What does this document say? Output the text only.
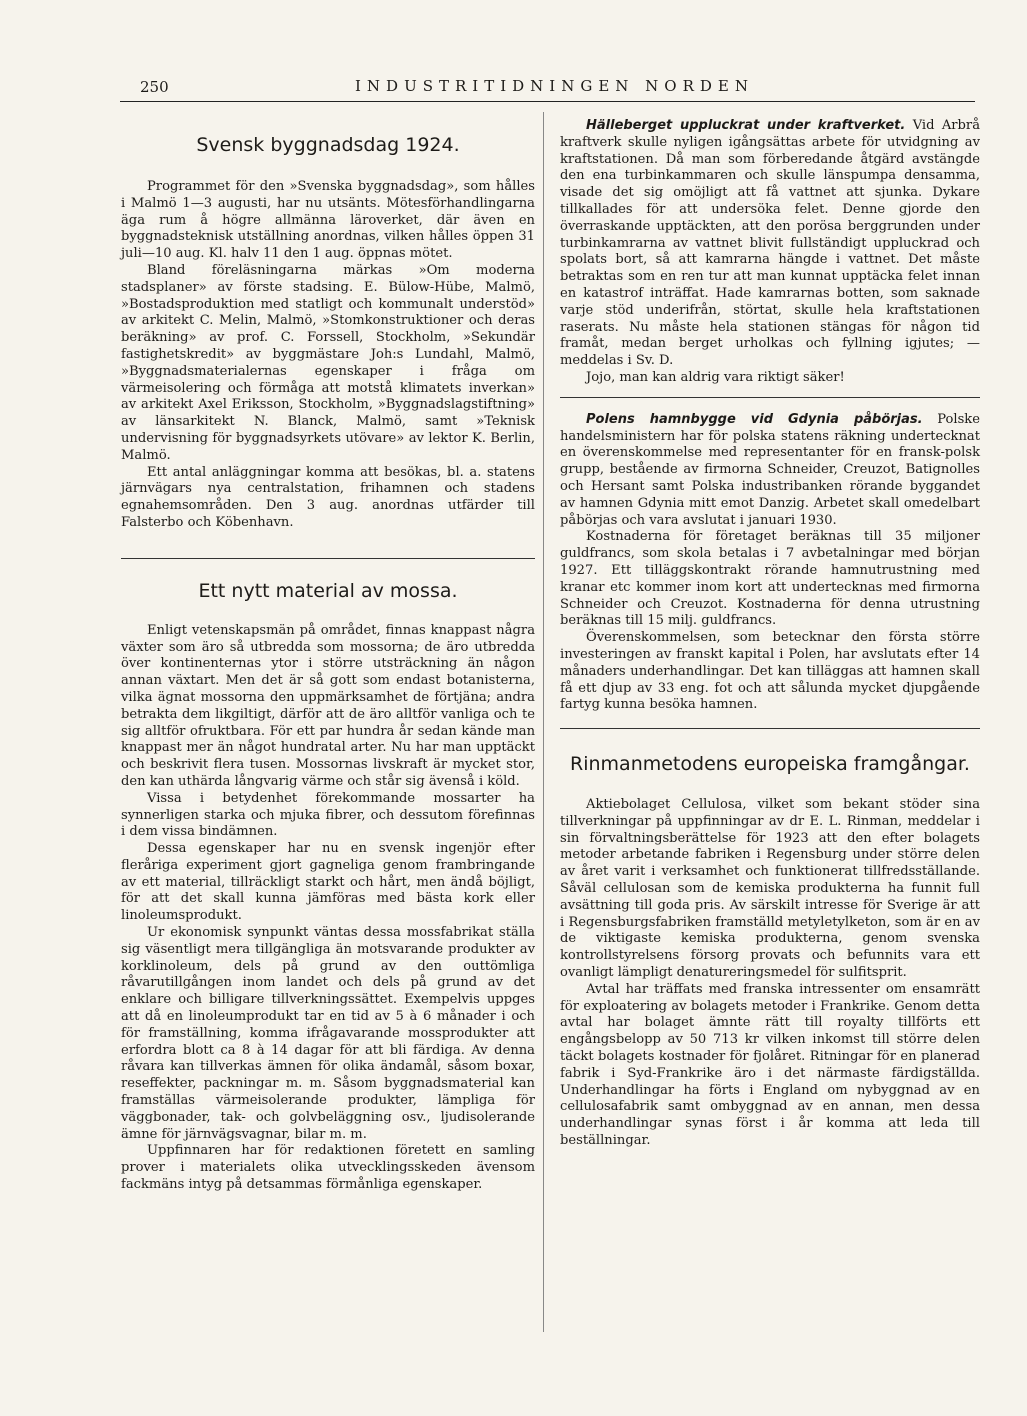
250	INDUSTRITIDNINGEN NORDEN
Svensk byggnadsdag 1924.

Programmet för den »Svenska byggnadsdag», som hålles i Malmö 1—3 augusti, har nu utsänts. Mötesförhandlingarna äga rum å högre allmänna läroverket, där även en byggnadsteknisk utställning anordnas, vilken hålles öppen 31 juli—10 aug. Kl. halv 11 den 1 aug. öppnas mötet.

Bland föreläsningarna märkas »Om moderna stadsplaner» av förste stadsing. E. Bülow-Hübe, Malmö, »Bostadsproduktion med statligt och kommunalt understöd» av arkitekt C. Melin, Malmö, »Stomkonstruktioner och deras beräkning» av prof. C. Forssell, Stockholm, »Sekundär fastighetskredit» av byggmästare Joh:s Lundahl, Malmö, »Byggnadsmaterialernas egenskaper i fråga om värmeisolering och förmåga att motstå klimatets inverkan» av arkitekt Axel Eriksson, Stockholm, »Byggnadslagstiftning» av länsarkitekt N. Blanck, Malmö, samt »Teknisk undervisning för byggnadsyrkets utövare» av lektor K. Berlin, Malmö.

Ett antal anläggningar komma att besökas, bl. a. statens järnvägars nya centralstation, frihamnen och stadens egnahemsområden. Den 3 aug. anordnas utfärder till Falsterbo och Köbenhavn.

Ett nytt material av mossa.

Enligt vetenskapsmän på området, finnas knappast några växter som äro så utbredda som mossorna; de äro utbredda över kontinenternas ytor i större utsträckning än någon annan växtart. Men det är så gott som endast botanisterna, vilka ägnat mossorna den uppmärksamhet de förtjäna; andra betrakta dem likgiltigt, därför att de äro alltför vanliga och te sig alltför ofruktbara. För ett par hundra år sedan kände man knappast mer än något hundratal arter. Nu har man upptäckt och beskrivit flera tusen. Mossornas livskraft är mycket stor, den kan uthärda långvarig värme och står sig ävenså i köld.

Vissa i betydenhet förekommande mossarter ha synnerligen starka och mjuka fibrer, och dessutom förefinnas i dem vissa bindämnen.

Dessa egenskaper har nu en svensk ingenjör efter fleråriga experiment gjort gagneliga genom frambringande av ett material, tillräckligt starkt och hårt, men ändå böjligt, för att det skall kunna jämföras med bästa kork eller linoleumsprodukt.

Ur ekonomisk synpunkt väntas dessa mossfabrikat ställa sig väsentligt mera tillgängliga än motsvarande produkter av korklinoleum, dels på grund av den outtömliga råvarutillgången inom landet och dels på grund av det enklare och billigare tillverkningssättet. Exempelvis uppges att då en linoleumprodukt tar en tid av 5 à 6 månader i och för framställning, komma ifrågavarande mossprodukter att erfordra blott ca 8 à 14 dagar för att bli färdiga. Av denna råvara kan tillverkas ämnen för olika ändamål, såsom boxar, reseffekter, packningar m. m. Såsom byggnadsmaterial kan framställas värmeisolerande produkter, lämpliga för väggbonader, tak- och golvbeläggning osv., ljudisolerande ämne för järnvägsvagnar, bilar m. m.

Uppfinnaren har för redaktionen företett en samling prover i materialets olika utvecklingsskeden ävensom fackmäns intyg på detsammas förmånliga egenskaper.

Hälleberget uppluckrat under kraftverket. Vid Arbrå kraftverk skulle nyligen igångsättas arbete för utvidgning av kraftstationen. Då man som förberedande åtgärd avstängde den ena turbinkammaren och skulle länspumpa densamma, visade det sig omöjligt att få vattnet att sjunka. Dykare tillkallades för att undersöka felet. Denne gjorde den överraskande upptäckten, att den porösa berggrunden under turbinkamrarna av vattnet blivit fullständigt uppluckrad och spolats bort, så att kamrarna hängde i vattnet. Det måste betraktas som en ren tur att man kunnat upptäcka felet innan en katastrof inträffat. Hade kamrarnas botten, som saknade varje stöd underifrån, störtat, skulle hela kraftstationen raserats. Nu måste hela stationen stängas för någon tid framåt, medan berget urholkas och fyllning igjutes; — meddelas i Sv. D.

Jojo, man kan aldrig vara riktigt säker!

Polens hamnbygge vid Gdynia påbörjas. Polske handelsministern har för polska statens räkning undertecknat en överenskommelse med representanter för en fransk-polsk grupp, bestående av firmorna Schneider, Creuzot, Batignolles och Hersant samt Polska industribanken rörande byggandet av hamnen Gdynia mitt emot Danzig. Arbetet skall omedelbart påbörjas och vara avslutat i januari 1930.

Kostnaderna för företaget beräknas till 35 miljoner guldfrancs, som skola betalas i 7 avbetalningar med början 1927. Ett tilläggskontrakt rörande hamnutrustning med kranar etc kommer inom kort att undertecknas med firmorna Schneider och Creuzot. Kostnaderna för denna utrustning beräknas till 15 milj. guldfrancs.

Överenskommelsen, som betecknar den första större investeringen av franskt kapital i Polen, har avslutats efter 14 månaders underhandlingar. Det kan tilläggas att hamnen skall få ett djup av 33 eng. fot och att sålunda mycket djupgående fartyg kunna besöka hamnen.

Rinmanmetodens europeiska framgångar.

Aktiebolaget Cellulosa, vilket som bekant stöder sina tillverkningar på uppfinningar av dr E. L. Rinman, meddelar i sin förvaltningsberättelse för 1923 att den efter bolagets metoder arbetande fabriken i Regensburg under större delen av året varit i verksamhet och funktionerat tillfredsställande. Såväl cellulosan som de kemiska produkterna ha funnit full avsättning till goda pris. Av särskilt intresse för Sverige är att i Regensburgsfabriken framställd metyletylketon, som är en av de viktigaste kemiska produkterna, genom svenska kontrollstyrelsens försorg provats och befunnits vara ett ovanligt lämpligt denatureringsmedel för sulfitsprit.

Avtal har träffats med franska intressenter om ensamrätt för exploatering av bolagets metoder i Frankrike. Genom detta avtal har bolaget ämnte rätt till royalty tillförts ett engångsbelopp av 50 713 kr vilken inkomst till större delen täckt bolagets kostnader för fjolåret. Ritningar för en planerad fabrik i Syd-Frankrike äro i det närmaste färdigställda. Underhandlingar ha förts i England om nybyggnad av en cellulosafabrik samt ombyggnad av en annan, men dessa underhandlingar synas först i år komma att leda till beställningar.
